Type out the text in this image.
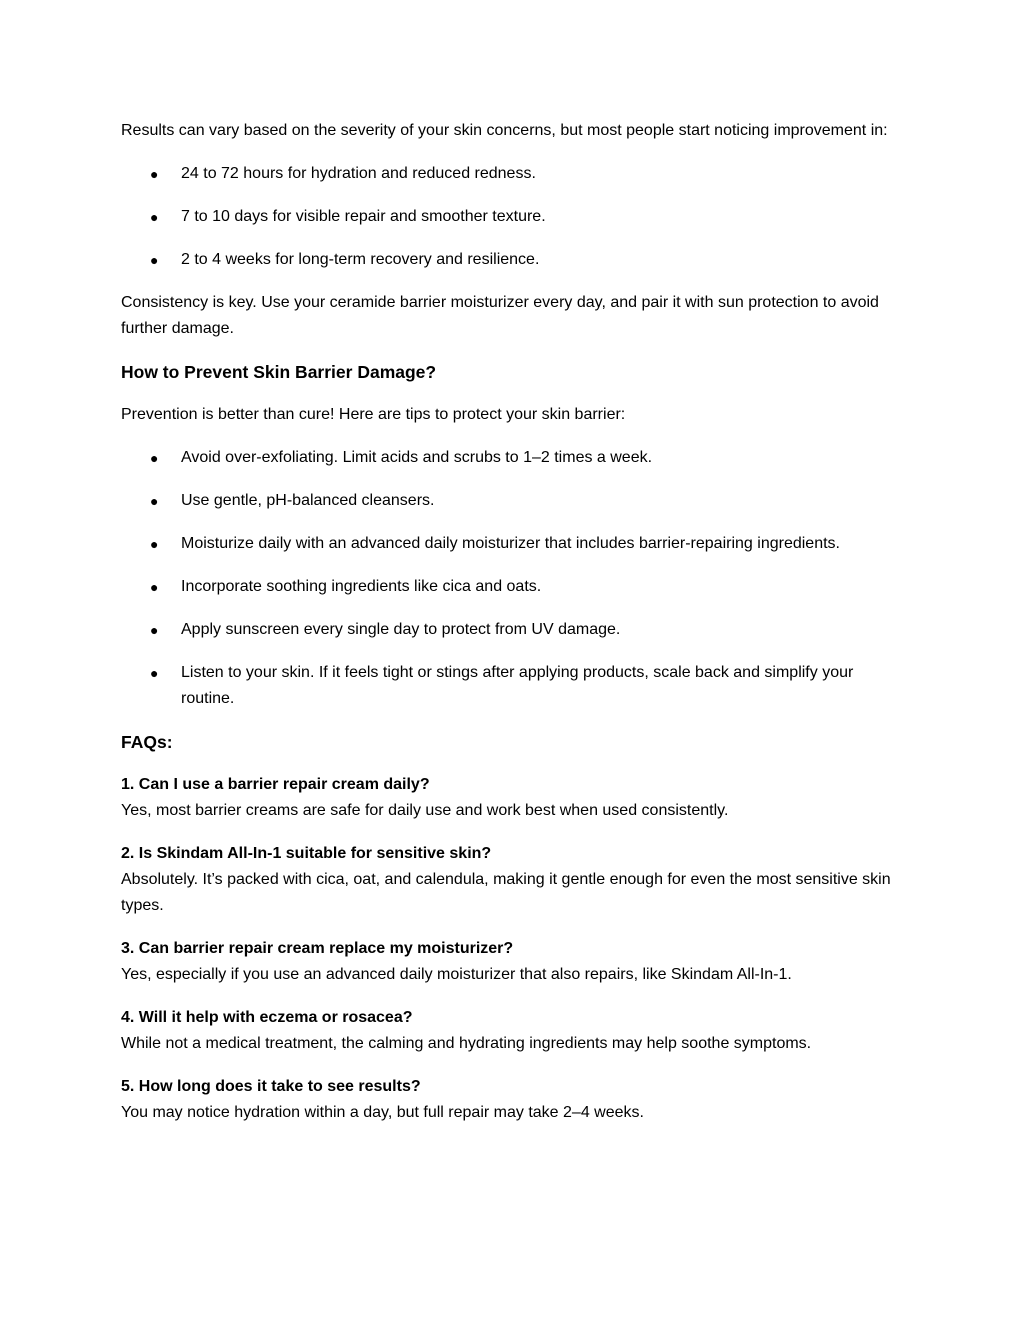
Results can vary based on the severity of your skin concerns, but most people start noticing improvement in:

● 24 to 72 hours for hydration and reduced redness.
● 7 to 10 days for visible repair and smoother texture.
● 2 to 4 weeks for long-term recovery and resilience.

Consistency is key. Use your ceramide barrier moisturizer every day, and pair it with sun protection to avoid further damage.

How to Prevent Skin Barrier Damage?

Prevention is better than cure! Here are tips to protect your skin barrier:

● Avoid over-exfoliating. Limit acids and scrubs to 1–2 times a week.
● Use gentle, pH-balanced cleansers.
● Moisturize daily with an advanced daily moisturizer that includes barrier-repairing ingredients.
● Incorporate soothing ingredients like cica and oats.
● Apply sunscreen every single day to protect from UV damage.
● Listen to your skin. If it feels tight or stings after applying products, scale back and simplify your routine.
FAQs:
1. Can I use a barrier repair cream daily?
Yes, most barrier creams are safe for daily use and work best when used consistently.
2. Is Skindam All-In-1 suitable for sensitive skin?
Absolutely. It’s packed with cica, oat, and calendula, making it gentle enough for even the most sensitive skin types.
3. Can barrier repair cream replace my moisturizer?
Yes, especially if you use an advanced daily moisturizer that also repairs, like Skindam All-In-1.
4. Will it help with eczema or rosacea?
While not a medical treatment, the calming and hydrating ingredients may help soothe symptoms.
5. How long does it take to see results?
You may notice hydration within a day, but full repair may take 2–4 weeks.
